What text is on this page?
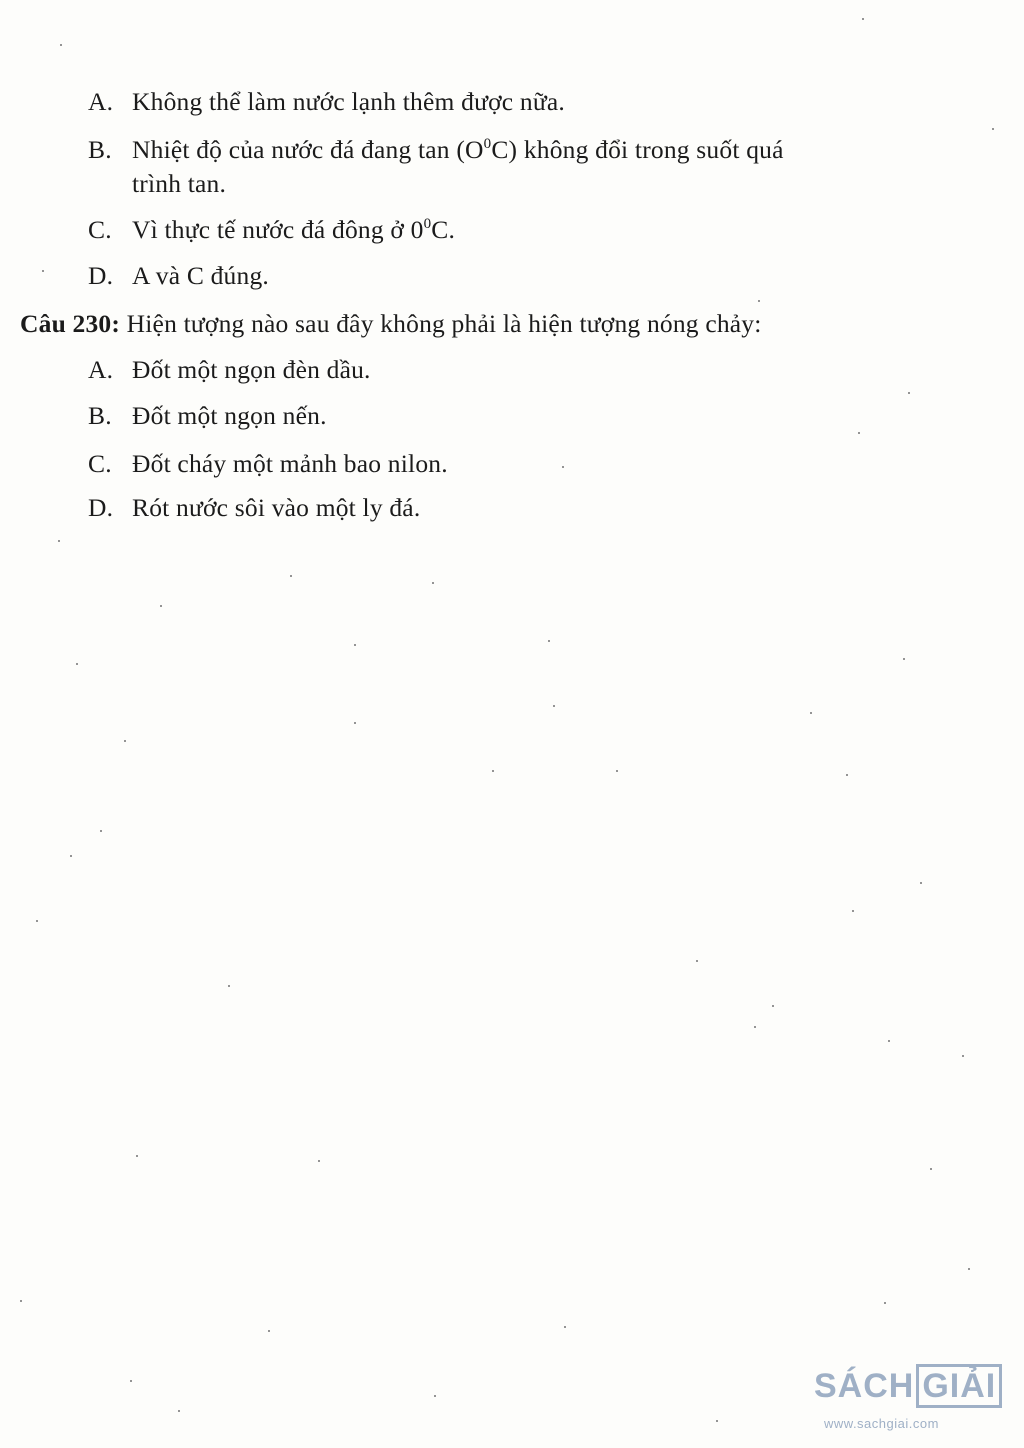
A. Không thể làm nước lạnh thêm được nữa.
B. Nhiệt độ của nước đá đang $\tan (O^0C)$ không đổi trong suốt quá
trình tan.
C. Vì thực tế nước đá đông ở $0^0C$.
D. A và C đúng.
Câu 230: Hiện tượng nào sau đây không phải là hiện tượng nóng chảy:
A. Đốt một ngọn đèn dầu.
B. Đốt một ngọn nến.
C. Đốt cháy một mảnh bao nilon.
D. Rót nước sôi vào một ly đá.
SÁCH GIẢI
www.sachgiai.com
